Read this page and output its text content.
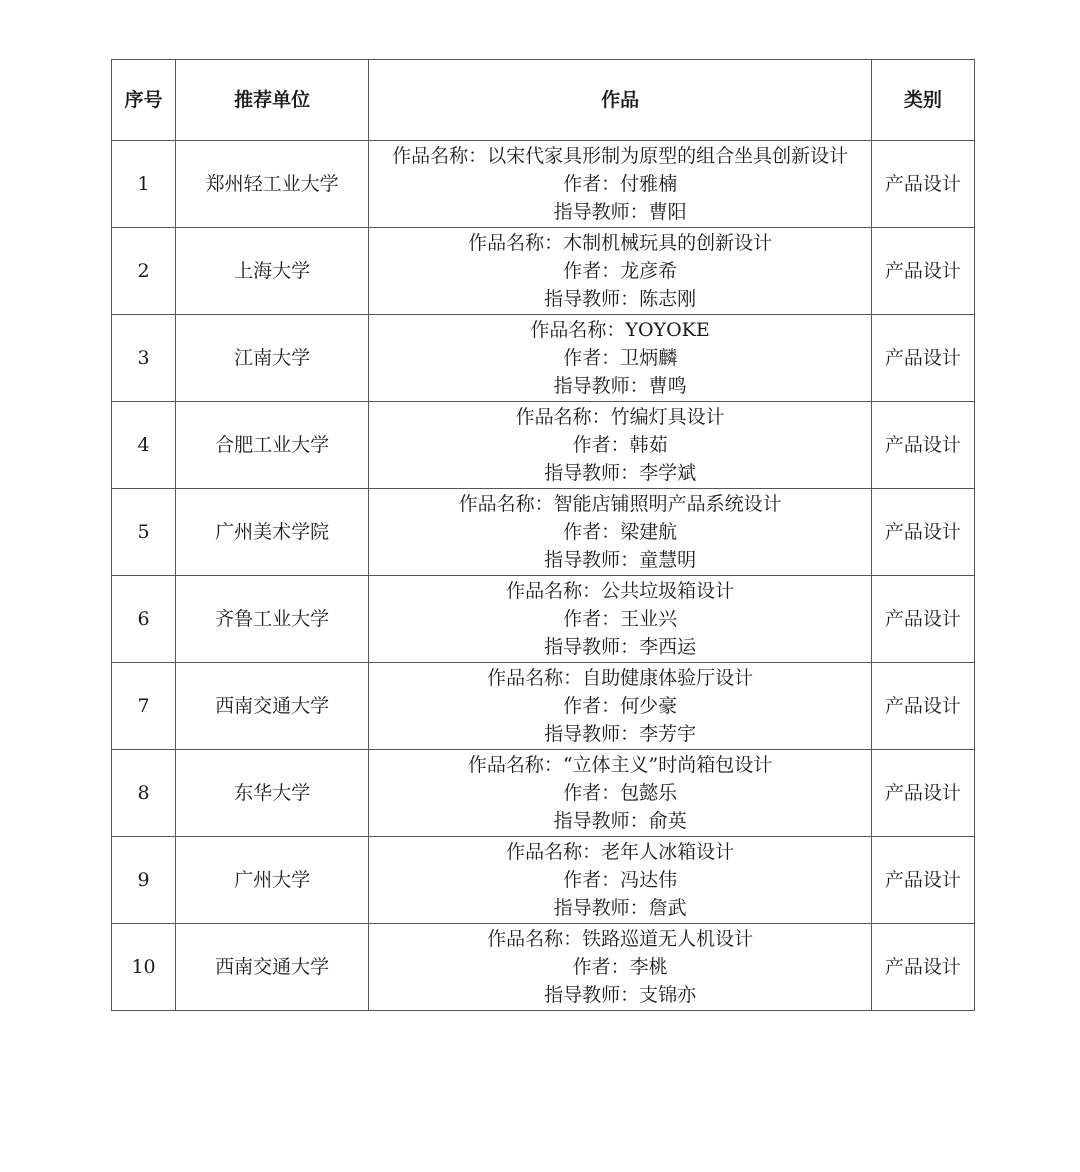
序号	推荐单位	作品	类别
1	郑州轻工业大学	作品名称：以宋代家具形制为原型的组合坐具创新设计
作者：付雅楠
指导教师：曹阳	产品设计
2	上海大学	作品名称：木制机械玩具的创新设计
作者：龙彦希
指导教师：陈志刚	产品设计
3	江南大学	作品名称：YOYOKE
作者：卫炳麟
指导教师：曹鸣	产品设计
4	合肥工业大学	作品名称：竹编灯具设计
作者：韩茹
指导教师：李学斌	产品设计
5	广州美术学院	作品名称：智能店铺照明产品系统设计
作者：梁建航
指导教师：童慧明	产品设计
6	齐鲁工业大学	作品名称：公共垃圾箱设计
作者：王业兴
指导教师：李西运	产品设计
7	西南交通大学	作品名称：自助健康体验厅设计
作者：何少豪
指导教师：李芳宇	产品设计
8	东华大学	作品名称：“立体主义”时尚箱包设计
作者：包懿乐
指导教师：俞英	产品设计
9	广州大学	作品名称：老年人冰箱设计
作者：冯达伟
指导教师：詹武	产品设计
10	西南交通大学	作品名称：铁路巡道无人机设计
作者：李桃
指导教师：支锦亦	产品设计
